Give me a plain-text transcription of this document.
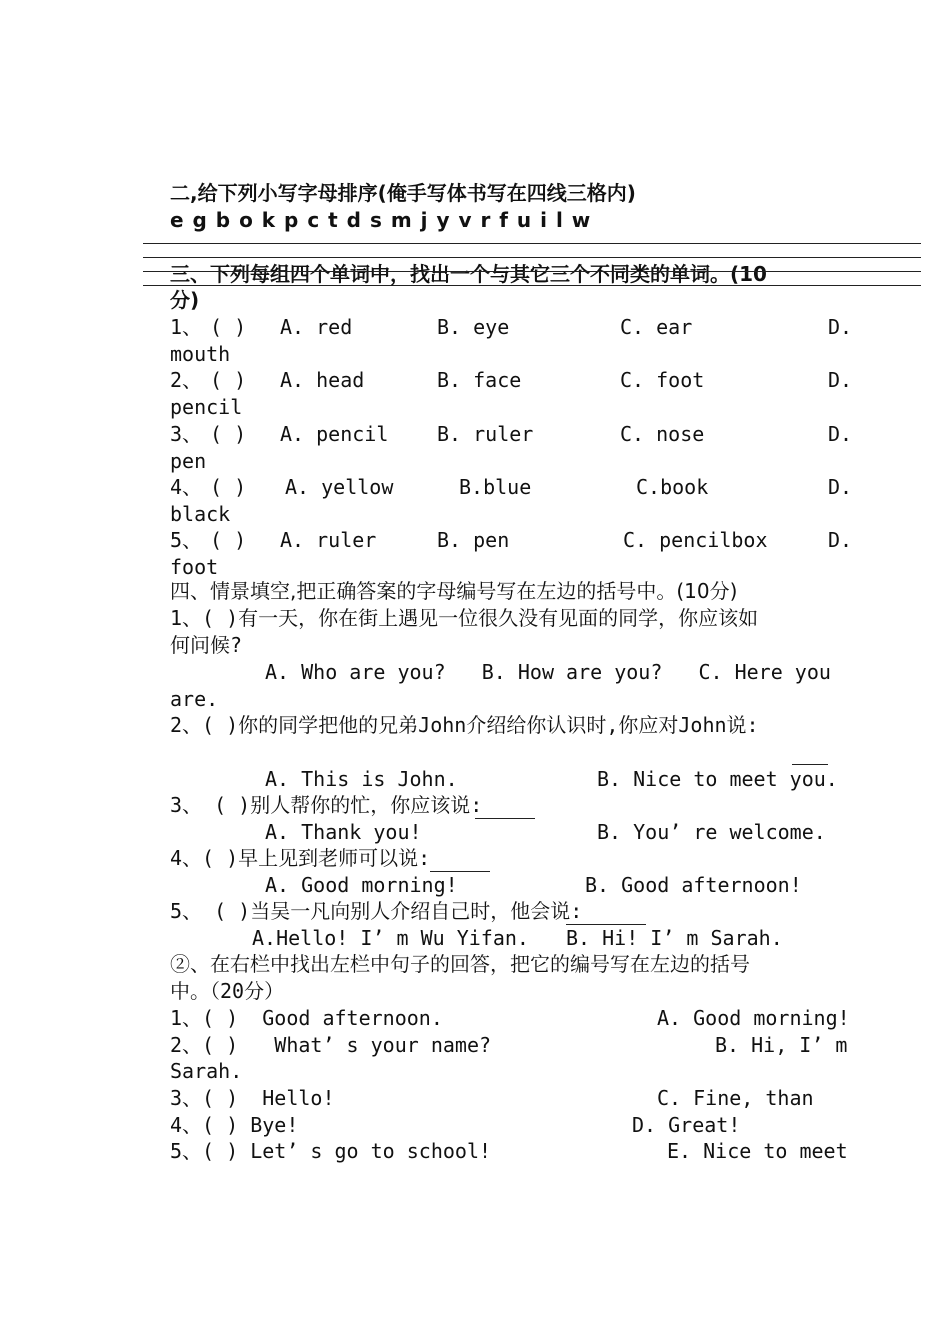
二,给下列小写字母排序(俺手写体书写在四线三格内)
e g b o k p c t d s m j y v r f u i l w
三、下列每组四个单词中，找出一个与其它三个不同类的单词。(10
分)
1、 ( ) A. red	B. eye	C. ear	D.
mouth
2、 ( ) A. head	B. face	C. foot	D.
pencil
3、 ( ) A. pencil B. ruler	C. nose	D.
pen
4、 ( ) A. yellow	B.blue	C.book	D.
black
5、 ( ) A. ruler	B. pen	C. pencilbox	D.
foot
四、情景填空,把正确答案的字母编号写在左边的括号中。(10分)
1、( )有一天，你在街上遇见一位很久没有见面的同学，你应该如
何问候?
A. Who are you?   B. How are you?   C. Here you
are.
2、( )你的同学把他的兄弟John介绍给你认识时,你应对John说:
A. This is John.	B. Nice to meet you.
3、 ( )别人帮你的忙，你应该说:
A. Thank you!	B. You’ re welcome.
4、( )早上见到老师可以说:
A. Good morning!	B. Good afternoon!
5、 ( )当吴一凡向别人介绍自己时，他会说:
A.Hello! I’ m Wu Yifan. B. Hi! I’ m Sarah.
②、在右栏中找出左栏中句子的回答，把它的编号写在左边的括号
中。（20分）
1、( )  Good afternoon.	A. Good morning!
2、( )   What’ s your name?	B. Hi, I’ m
Sarah.
3、( )  Hello!	C. Fine, than
4、( ) Bye!	D. Great!
5、( ) Let’ s go to school!	E. Nice to meet
